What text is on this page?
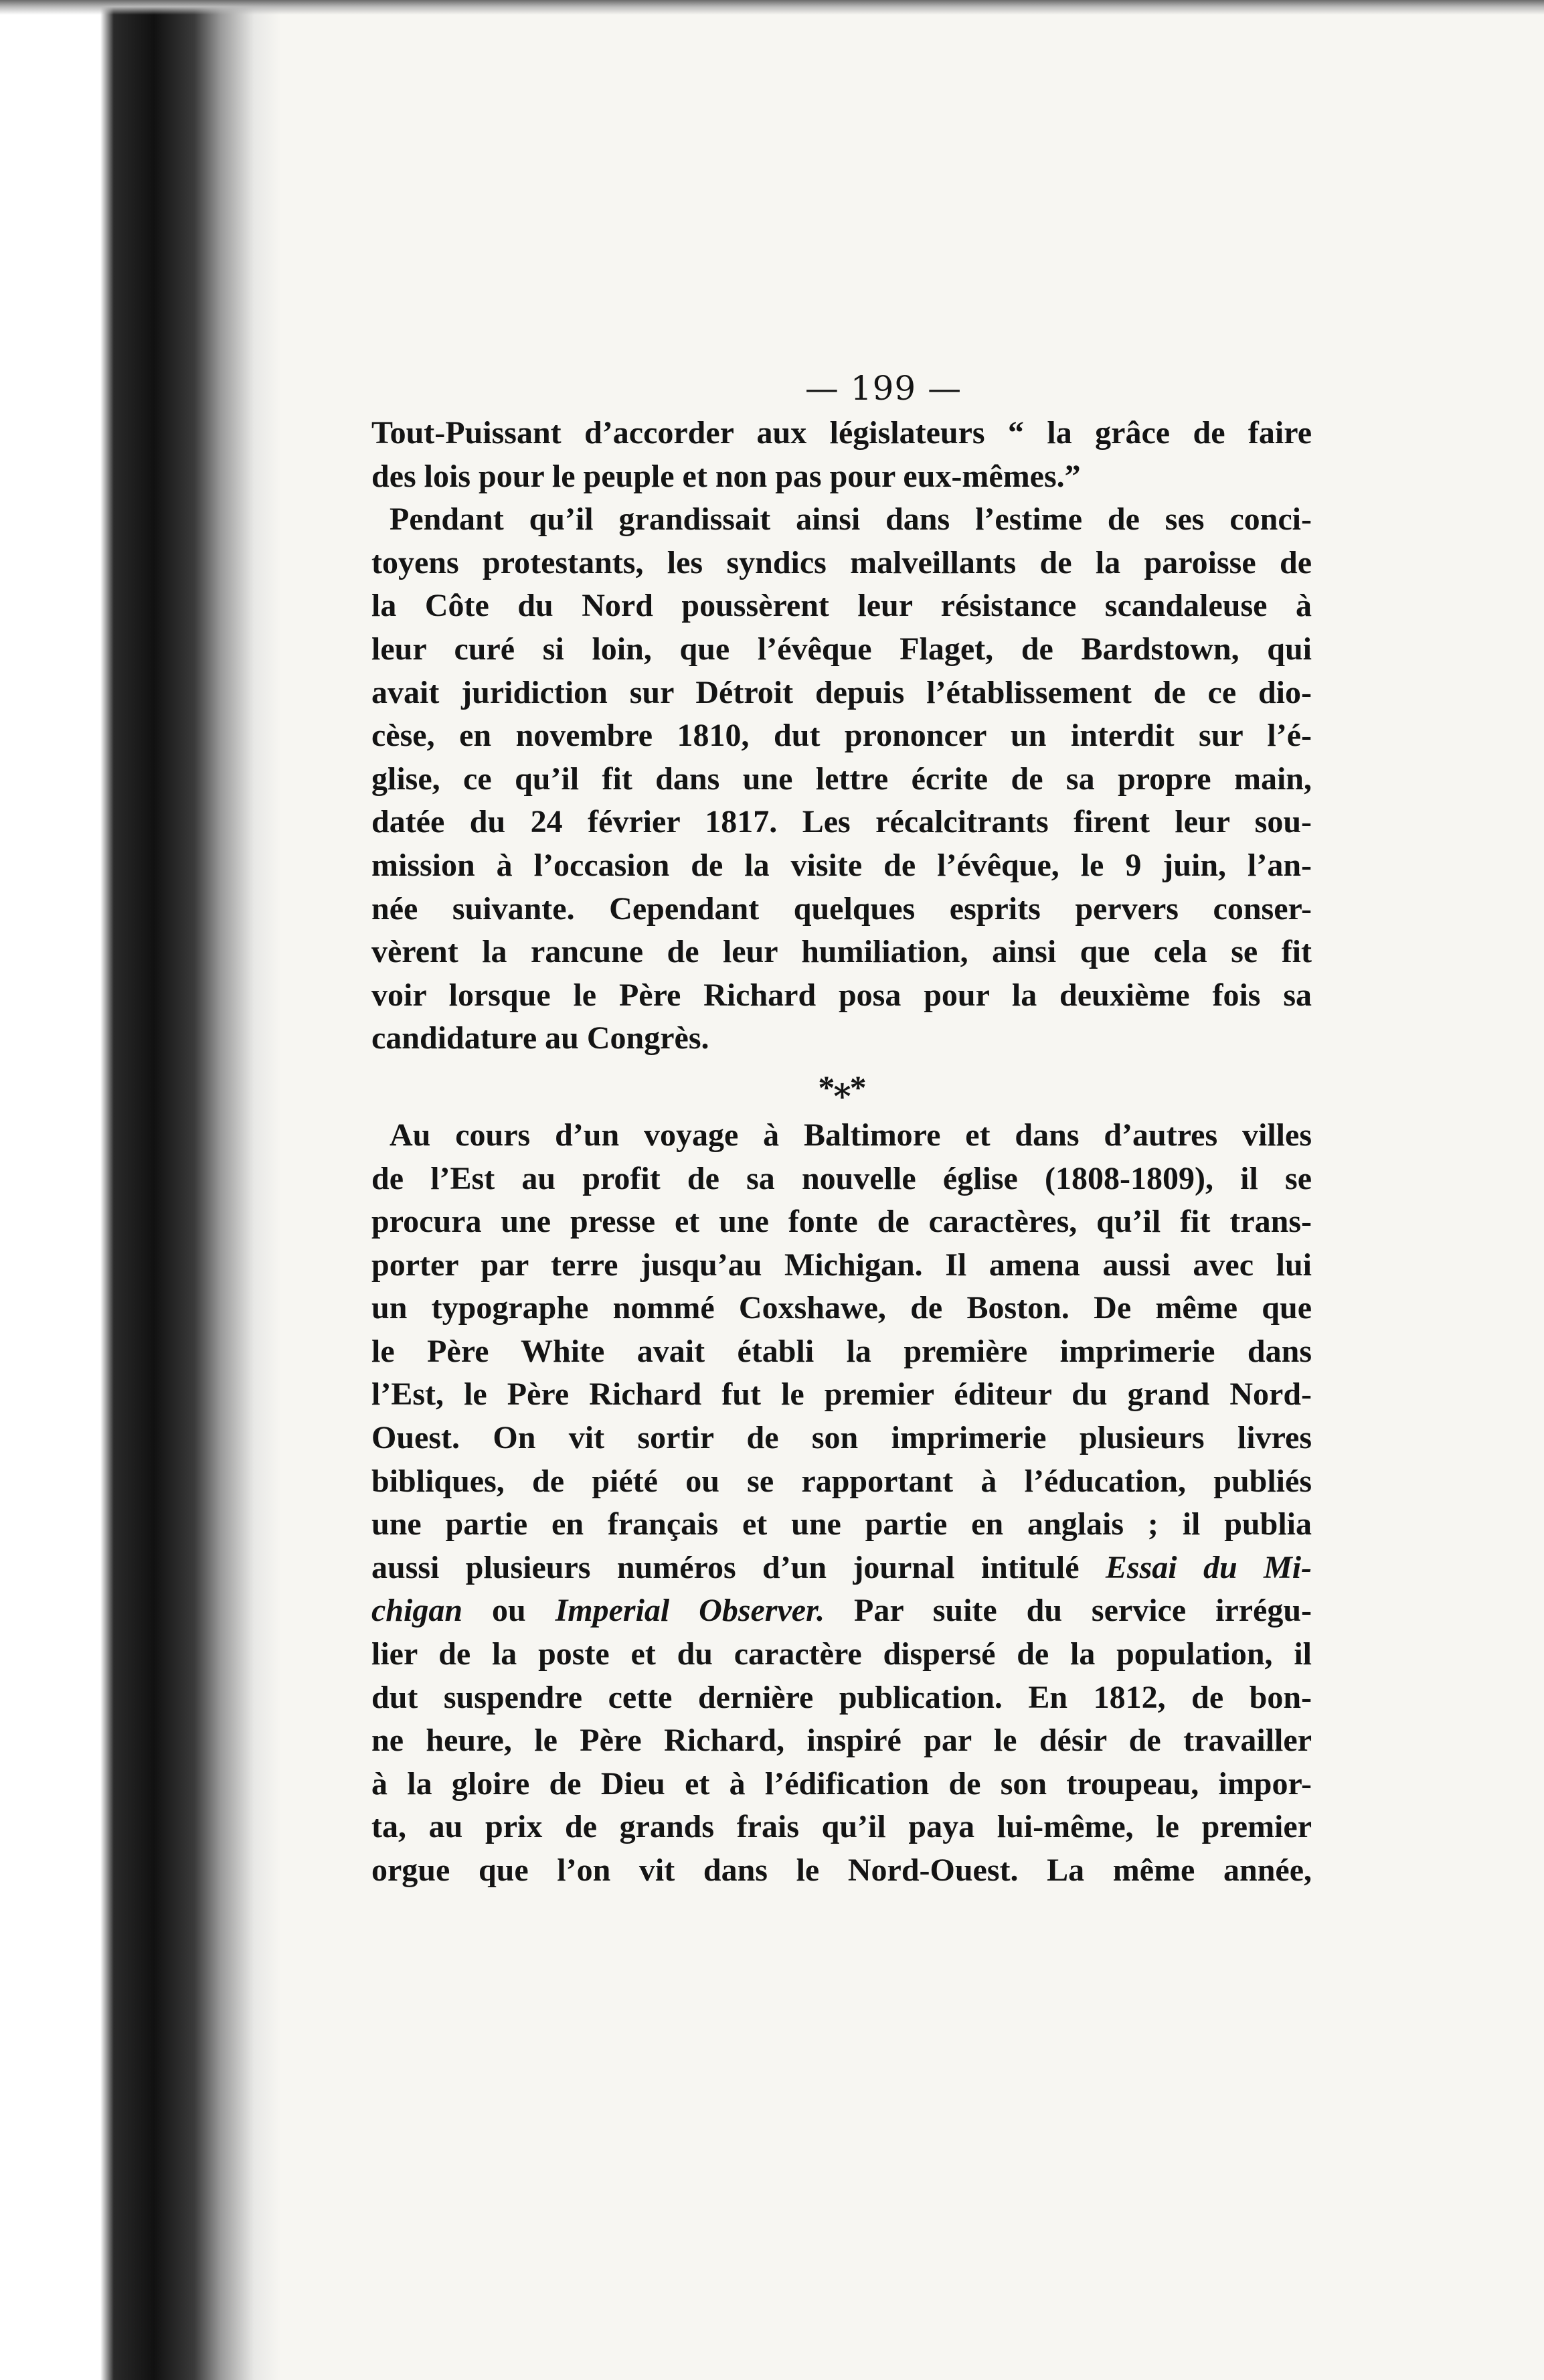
— 199 —
Tout-Puissant d’accorder aux législateurs “ la grâce de faire
des lois pour le peuple et non pas pour eux-mêmes.”
Pendant qu’il grandissait ainsi dans l’estime de ses conci-
toyens protestants, les syndics malveillants de la paroisse de
la Côte du Nord poussèrent leur résistance scandaleuse à
leur curé si loin, que l’évêque Flaget, de Bardstown, qui
avait juridiction sur Détroit depuis l’établissement de ce dio-
cèse, en novembre 1810, dut prononcer un interdit sur l’é-
glise, ce qu’il fit dans une lettre écrite de sa propre main,
datée du 24 février 1817. Les récalcitrants firent leur sou-
mission à l’occasion de la visite de l’évêque, le 9 juin, l’an-
née suivante. Cependant quelques esprits pervers conser-
vèrent la rancune de leur humiliation, ainsi que cela se fit
voir lorsque le Père Richard posa pour la deuxième fois sa
candidature au Congrès.
*⁎*
Au cours d’un voyage à Baltimore et dans d’autres villes
de l’Est au profit de sa nouvelle église (1808-1809), il se
procura une presse et une fonte de caractères, qu’il fit trans-
porter par terre jusqu’au Michigan. Il amena aussi avec lui
un typographe nommé Coxshawe, de Boston. De même que
le Père White avait établi la première imprimerie dans
l’Est, le Père Richard fut le premier éditeur du grand Nord-
Ouest. On vit sortir de son imprimerie plusieurs livres
bibliques, de piété ou se rapportant à l’éducation, publiés
une partie en français et une partie en anglais ; il publia
aussi plusieurs numéros d’un journal intitulé Essai du Mi-
chigan ou Imperial Observer. Par suite du service irrégu-
lier de la poste et du caractère dispersé de la population, il
dut suspendre cette dernière publication. En 1812, de bon-
ne heure, le Père Richard, inspiré par le désir de travailler
à la gloire de Dieu et à l’édification de son troupeau, impor-
ta, au prix de grands frais qu’il paya lui-même, le premier
orgue que l’on vit dans le Nord-Ouest. La même année,
